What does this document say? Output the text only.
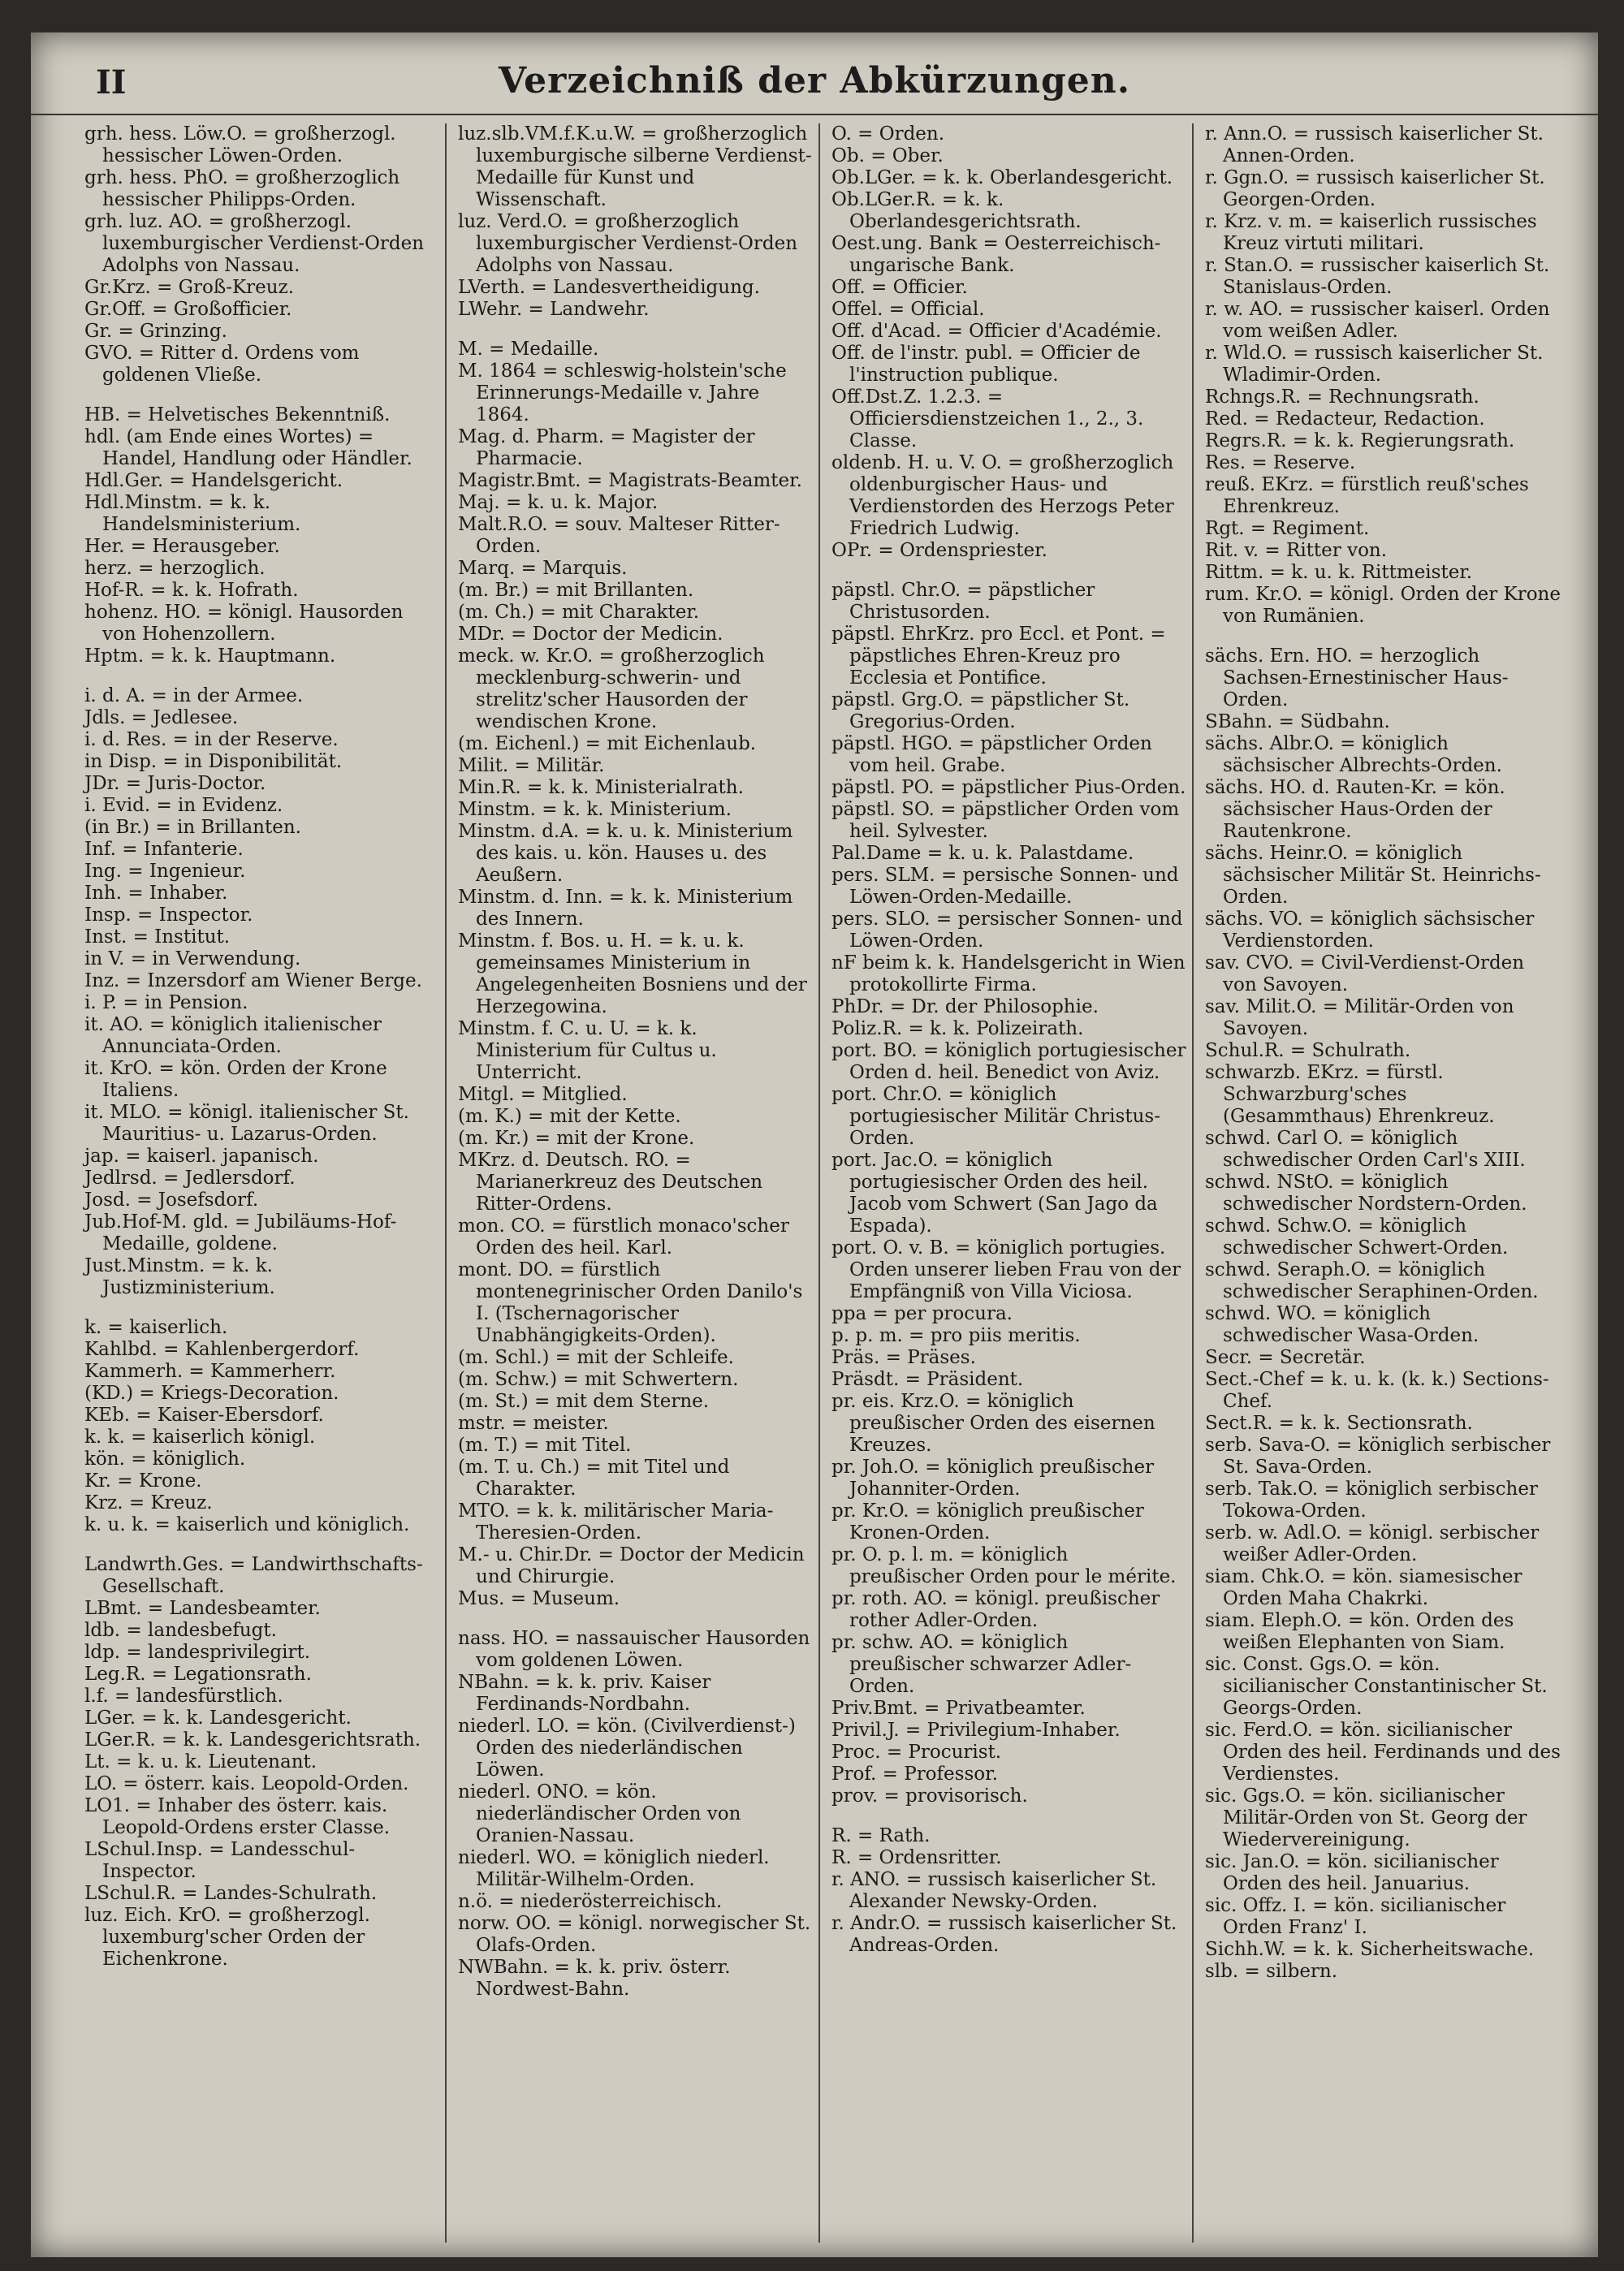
II	Verzeichniß der Abkürzungen.
grh. hess. Löw.O. = großherzogl. hessischer Löwen-Orden.
grh. hess. PhO. = großherzoglich hessischer Philipps-Orden.
grh. luz. AO. = großherzogl. luxemburgischer Verdienst-Orden Adolphs von Nassau.
Gr.Krz. = Groß-Kreuz.
Gr.Off. = Großofficier.
Gr. = Grinzing.
GVO. = Ritter d. Ordens vom goldenen Vließe.
HB. = Helvetisches Bekenntniß.
hdl. (am Ende eines Wortes) = Handel, Handlung oder Händler.
Hdl.Ger. = Handelsgericht.
Hdl.Minstm. = k. k. Handelsministerium.
Her. = Herausgeber.
herz. = herzoglich.
Hof-R. = k. k. Hofrath.
hohenz. HO. = königl. Hausorden von Hohenzollern.
Hptm. = k. k. Hauptmann.
i. d. A. = in der Armee.
Jdls. = Jedlesee.
i. d. Res. = in der Reserve.
in Disp. = in Disponibilität.
JDr. = Juris-Doctor.
i. Evid. = in Evidenz.
(in Br.) = in Brillanten.
Inf. = Infanterie.
Ing. = Ingenieur.
Inh. = Inhaber.
Insp. = Inspector.
Inst. = Institut.
in V. = in Verwendung.
Inz. = Inzersdorf am Wiener Berge.
i. P. = in Pension.
it. AO. = königlich italienischer Annunciata-Orden.
it. KrO. = kön. Orden der Krone Italiens.
it. MLO. = königl. italienischer St. Mauritius- u. Lazarus-Orden.
jap. = kaiserl. japanisch.
Jedlrsd. = Jedlersdorf.
Josd. = Josefsdorf.
Jub.Hof-M. gld. = Jubiläums-Hof-Medaille, goldene.
Just.Minstm. = k. k. Justizministerium.
k. = kaiserlich.
Kahlbd. = Kahlenbergerdorf.
Kammerh. = Kammerherr.
(KD.) = Kriegs-Decoration.
KEb. = Kaiser-Ebersdorf.
k. k. = kaiserlich königl.
kön. = königlich.
Kr. = Krone.
Krz. = Kreuz.
k. u. k. = kaiserlich und königlich.
Landwrth.Ges. = Landwirthschafts-Gesellschaft.
LBmt. = Landesbeamter.
ldb. = landesbefugt.
ldp. = landesprivilegirt.
Leg.R. = Legationsrath.
l.f. = landesfürstlich.
LGer. = k. k. Landesgericht.
LGer.R. = k. k. Landesgerichtsrath.
Lt. = k. u. k. Lieutenant.
LO. = österr. kais. Leopold-Orden.
LO1. = Inhaber des österr. kais. Leopold-Ordens erster Classe.
LSchul.Insp. = Landesschul-Inspector.
LSchul.R. = Landes-Schulrath.
luz. Eich. KrO. = großherzogl. luxemburg'scher Orden der Eichenkrone.
luz.slb.VM.f.K.u.W. = großherzoglich luxemburgische silberne Verdienst-Medaille für Kunst und Wissenschaft.
luz. Verd.O. = großherzoglich luxemburgischer Verdienst-Orden Adolphs von Nassau.
LVerth. = Landesvertheidigung.
LWehr. = Landwehr.
M. = Medaille.
M. 1864 = schleswig-holstein'sche Erinnerungs-Medaille v. Jahre 1864.
Mag. d. Pharm. = Magister der Pharmacie.
Magistr.Bmt. = Magistrats-Beamter.
Maj. = k. u. k. Major.
Malt.R.O. = souv. Malteser Ritter-Orden.
Marq. = Marquis.
(m. Br.) = mit Brillanten.
(m. Ch.) = mit Charakter.
MDr. = Doctor der Medicin.
meck. w. Kr.O. = großherzoglich mecklenburg-schwerin- und strelitz'scher Hausorden der wendischen Krone.
(m. Eichenl.) = mit Eichenlaub.
Milit. = Militär.
Min.R. = k. k. Ministerialrath.
Minstm. = k. k. Ministerium.
Minstm. d.A. = k. u. k. Ministerium des kais. u. kön. Hauses u. des Aeußern.
Minstm. d. Inn. = k. k. Ministerium des Innern.
Minstm. f. Bos. u. H. = k. u. k. gemeinsames Ministerium in Angelegenheiten Bosniens und der Herzegowina.
Minstm. f. C. u. U. = k. k. Ministerium für Cultus u. Unterricht.
Mitgl. = Mitglied.
(m. K.) = mit der Kette.
(m. Kr.) = mit der Krone.
MKrz. d. Deutsch. RO. = Marianerkreuz des Deutschen Ritter-Ordens.
mon. CO. = fürstlich monaco'scher Orden des heil. Karl.
mont. DO. = fürstlich montenegrinischer Orden Danilo's I. (Tschernagorischer Unabhängigkeits-Orden).
(m. Schl.) = mit der Schleife.
(m. Schw.) = mit Schwertern.
(m. St.) = mit dem Sterne.
mstr. = meister.
(m. T.) = mit Titel.
(m. T. u. Ch.) = mit Titel und Charakter.
MTO. = k. k. militärischer Maria-Theresien-Orden.
M.- u. Chir.Dr. = Doctor der Medicin und Chirurgie.
Mus. = Museum.
nass. HO. = nassauischer Hausorden vom goldenen Löwen.
NBahn. = k. k. priv. Kaiser Ferdinands-Nordbahn.
niederl. LO. = kön. (Civilverdienst-) Orden des niederländischen Löwen.
niederl. ONO. = kön. niederländischer Orden von Oranien-Nassau.
niederl. WO. = königlich niederl. Militär-Wilhelm-Orden.
n.ö. = niederösterreichisch.
norw. OO. = königl. norwegischer St. Olafs-Orden.
NWBahn. = k. k. priv. österr. Nordwest-Bahn.
O. = Orden.
Ob. = Ober.
Ob.LGer. = k. k. Oberlandesgericht.
Ob.LGer.R. = k. k. Oberlandesgerichtsrath.
Oest.ung. Bank = Oesterreichisch-ungarische Bank.
Off. = Officier.
Offel. = Official.
Off. d'Acad. = Officier d'Académie.
Off. de l'instr. publ. = Officier de l'instruction publique.
Off.Dst.Z. 1.2.3. = Officiersdienstzeichen 1., 2., 3. Classe.
oldenb. H. u. V. O. = großherzoglich oldenburgischer Haus- und Verdienstorden des Herzogs Peter Friedrich Ludwig.
OPr. = Ordenspriester.
päpstl. Chr.O. = päpstlicher Christusorden.
päpstl. EhrKrz. pro Eccl. et Pont. = päpstliches Ehren-Kreuz pro Ecclesia et Pontifice.
päpstl. Grg.O. = päpstlicher St. Gregorius-Orden.
päpstl. HGO. = päpstlicher Orden vom heil. Grabe.
päpstl. PO. = päpstlicher Pius-Orden.
päpstl. SO. = päpstlicher Orden vom heil. Sylvester.
Pal.Dame = k. u. k. Palastdame.
pers. SLM. = persische Sonnen- und Löwen-Orden-Medaille.
pers. SLO. = persischer Sonnen- und Löwen-Orden.
nF beim k. k. Handelsgericht in Wien protokollirte Firma.
PhDr. = Dr. der Philosophie.
Poliz.R. = k. k. Polizeirath.
port. BO. = königlich portugiesischer Orden d. heil. Benedict von Aviz.
port. Chr.O. = königlich portugiesischer Militär Christus-Orden.
port. Jac.O. = königlich portugiesischer Orden des heil. Jacob vom Schwert (San Jago da Espada).
port. O. v. B. = königlich portugies. Orden unserer lieben Frau von der Empfängniß von Villa Viciosa.
ppa = per procura.
p. p. m. = pro piis meritis.
Präs. = Präses.
Präsdt. = Präsident.
pr. eis. Krz.O. = königlich preußischer Orden des eisernen Kreuzes.
pr. Joh.O. = königlich preußischer Johanniter-Orden.
pr. Kr.O. = königlich preußischer Kronen-Orden.
pr. O. p. l. m. = königlich preußischer Orden pour le mérite.
pr. roth. AO. = königl. preußischer rother Adler-Orden.
pr. schw. AO. = königlich preußischer schwarzer Adler-Orden.
Priv.Bmt. = Privatbeamter.
Privil.J. = Privilegium-Inhaber.
Proc. = Procurist.
Prof. = Professor.
prov. = provisorisch.
R. = Rath.
R. = Ordensritter.
r. ANO. = russisch kaiserlicher St. Alexander Newsky-Orden.
r. Andr.O. = russisch kaiserlicher St. Andreas-Orden.
r. Ann.O. = russisch kaiserlicher St. Annen-Orden.
r. Ggn.O. = russisch kaiserlicher St. Georgen-Orden.
r. Krz. v. m. = kaiserlich russisches Kreuz virtuti militari.
r. Stan.O. = russischer kaiserlich St. Stanislaus-Orden.
r. w. AO. = russischer kaiserl. Orden vom weißen Adler.
r. Wld.O. = russisch kaiserlicher St. Wladimir-Orden.
Rchngs.R. = Rechnungsrath.
Red. = Redacteur, Redaction.
Regrs.R. = k. k. Regierungsrath.
Res. = Reserve.
reuß. EKrz. = fürstlich reuß'sches Ehrenkreuz.
Rgt. = Regiment.
Rit. v. = Ritter von.
Rittm. = k. u. k. Rittmeister.
rum. Kr.O. = königl. Orden der Krone von Rumänien.
sächs. Ern. HO. = herzoglich Sachsen-Ernestinischer Haus-Orden.
SBahn. = Südbahn.
sächs. Albr.O. = königlich sächsischer Albrechts-Orden.
sächs. HO. d. Rauten-Kr. = kön. sächsischer Haus-Orden der Rautenkrone.
sächs. Heinr.O. = königlich sächsischer Militär St. Heinrichs-Orden.
sächs. VO. = königlich sächsischer Verdienstorden.
sav. CVO. = Civil-Verdienst-Orden von Savoyen.
sav. Milit.O. = Militär-Orden von Savoyen.
Schul.R. = Schulrath.
schwarzb. EKrz. = fürstl. Schwarzburg'sches (Gesammthaus) Ehrenkreuz.
schwd. Carl O. = königlich schwedischer Orden Carl's XIII.
schwd. NStO. = königlich schwedischer Nordstern-Orden.
schwd. Schw.O. = königlich schwedischer Schwert-Orden.
schwd. Seraph.O. = königlich schwedischer Seraphinen-Orden.
schwd. WO. = königlich schwedischer Wasa-Orden.
Secr. = Secretär.
Sect.-Chef = k. u. k. (k. k.) Sections-Chef.
Sect.R. = k. k. Sectionsrath.
serb. Sava-O. = königlich serbischer St. Sava-Orden.
serb. Tak.O. = königlich serbischer Tokowa-Orden.
serb. w. Adl.O. = königl. serbischer weißer Adler-Orden.
siam. Chk.O. = kön. siamesischer Orden Maha Chakrki.
siam. Eleph.O. = kön. Orden des weißen Elephanten von Siam.
sic. Const. Ggs.O. = kön. sicilianischer Constantinischer St. Georgs-Orden.
sic. Ferd.O. = kön. sicilianischer Orden des heil. Ferdinands und des Verdienstes.
sic. Ggs.O. = kön. sicilianischer Militär-Orden von St. Georg der Wiedervereinigung.
sic. Jan.O. = kön. sicilianischer Orden des heil. Januarius.
sic. Offz. I. = kön. sicilianischer Orden Franz' I.
Sichh.W. = k. k. Sicherheitswache.
slb. = silbern.
